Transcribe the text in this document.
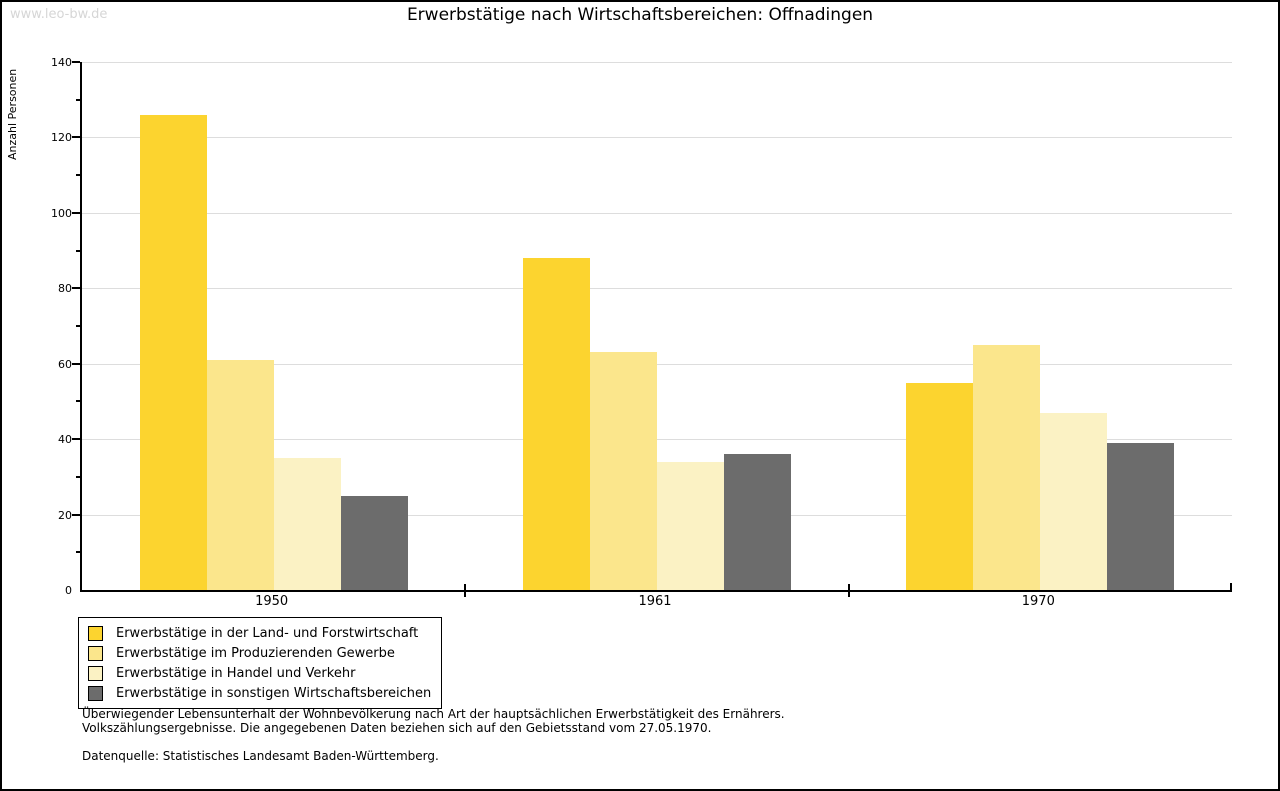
www.leo-bw.de	Erwerbstätige nach Wirtschaftsbereichen: Offnadingen
Anzahl Personen
0
20
40
60
80
100
120
140
1950	1961	1970
Erwerbstätige in der Land- und Forstwirtschaft
Erwerbstätige im Produzierenden Gewerbe
Erwerbstätige in Handel und Verkehr
Erwerbstätige in sonstigen Wirtschaftsbereichen
Überwiegender Lebensunterhalt der Wohnbevölkerung nach Art der hauptsächlichen Erwerbstätigkeit des Ernährers.
Volkszählungsergebnisse. Die angegebenen Daten beziehen sich auf den Gebietsstand vom 27.05.1970.
Datenquelle: Statistisches Landesamt Baden-Württemberg.
